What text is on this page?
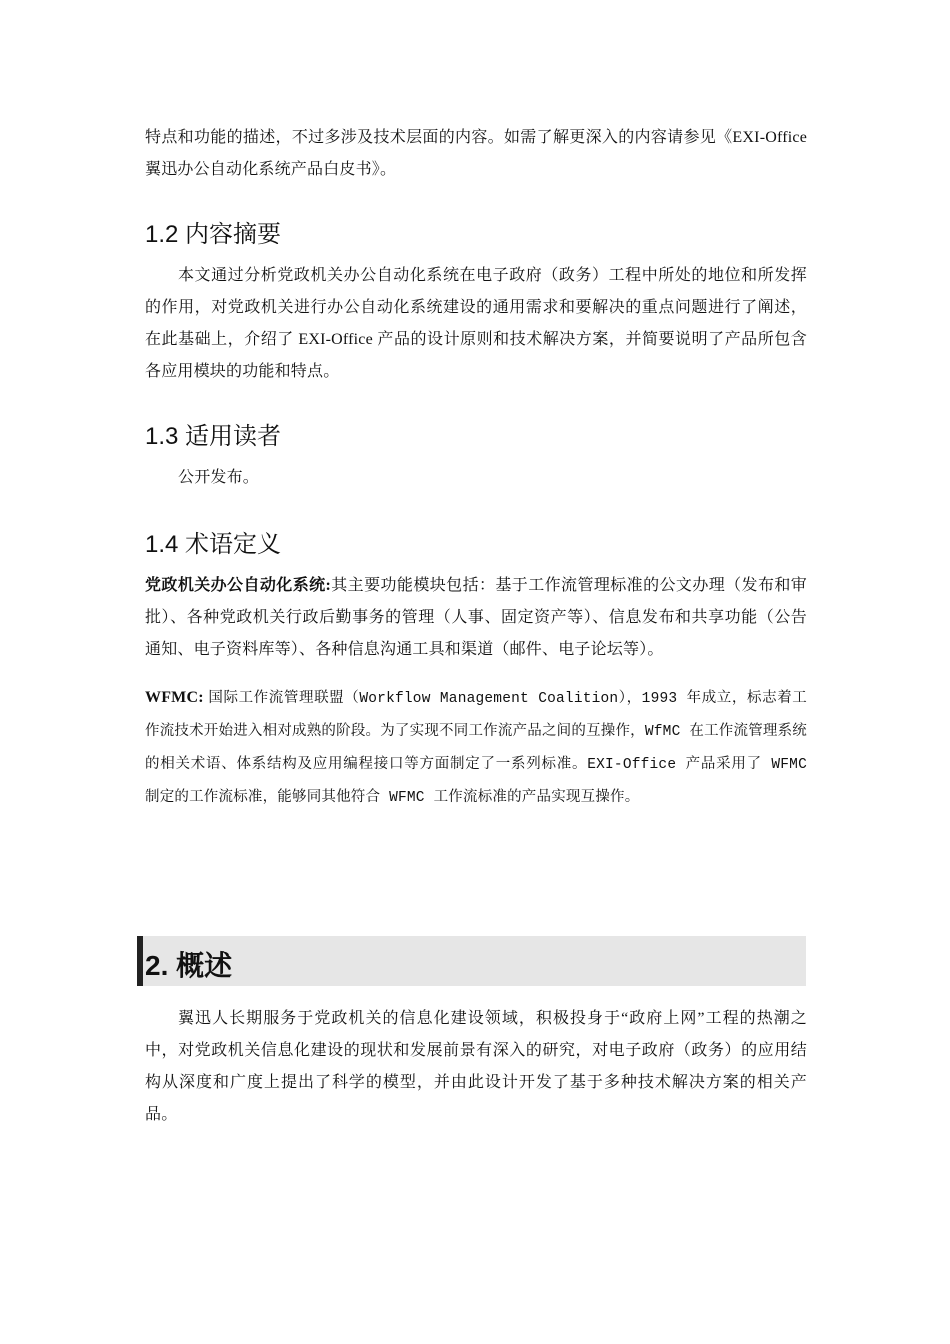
特点和功能的描述，不过多涉及技术层面的内容。如需了解更深入的内容请参见《EXI-Office 翼迅办公自动化系统产品白皮书》。

1.2 内容摘要

本文通过分析党政机关办公自动化系统在电子政府（政务）工程中所处的地位和所发挥的作用，对党政机关进行办公自动化系统建设的通用需求和要解决的重点问题进行了阐述，在此基础上，介绍了 EXI-Office 产品的设计原则和技术解决方案，并简要说明了产品所包含各应用模块的功能和特点。

1.3 适用读者

公开发布。

1.4 术语定义

党政机关办公自动化系统:其主要功能模块包括：基于工作流管理标准的公文办理（发布和审批）、各种党政机关行政后勤事务的管理（人事、固定资产等）、信息发布和共享功能（公告通知、电子资料库等）、各种信息沟通工具和渠道（邮件、电子论坛等）。

WFMC: 国际工作流管理联盟（Workflow Management Coalition），1993 年成立，标志着工作流技术开始进入相对成熟的阶段。为了实现不同工作流产品之间的互操作，WfMC 在工作流管理系统的相关术语、体系结构及应用编程接口等方面制定了一系列标准。EXI-Office 产品采用了 WFMC 制定的工作流标准，能够同其他符合 WFMC 工作流标准的产品实现互操作。

2. 概述

翼迅人长期服务于党政机关的信息化建设领域，积极投身于“政府上网”工程的热潮之中，对党政机关信息化建设的现状和发展前景有深入的研究，对电子政府（政务）的应用结构从深度和广度上提出了科学的模型，并由此设计开发了基于多种技术解决方案的相关产品。
